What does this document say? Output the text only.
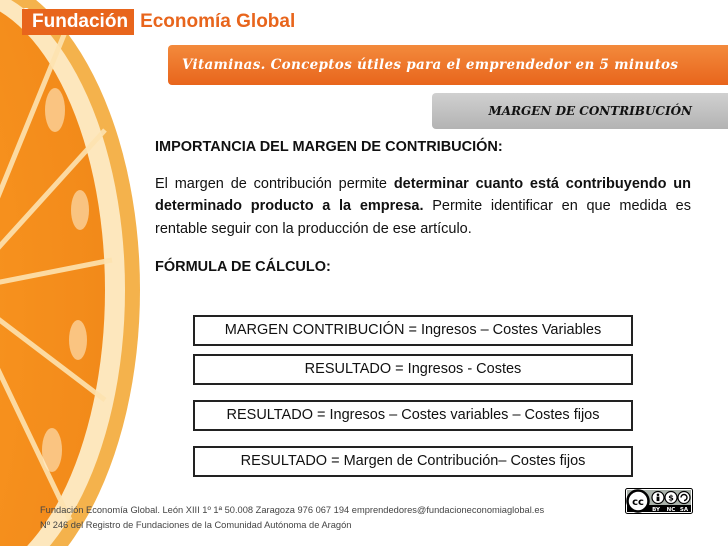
Fundación Economía Global
Vitaminas. Conceptos útiles para el emprendedor en 5 minutos
MARGEN DE CONTRIBUCIÓN
IMPORTANCIA DEL MARGEN DE CONTRIBUCIÓN:

El margen de contribución permite determinar cuanto está contribuyendo un determinado producto a la empresa. Permite identificar en que medida es rentable seguir con la producción de ese artículo.

FÓRMULA DE CÁLCULO:
MARGEN CONTRIBUCIÓN = Ingresos – Costes Variables
RESULTADO = Ingresos - Costes
RESULTADO = Ingresos – Costes variables – Costes fijos
RESULTADO = Margen de Contribución– Costes fijos
Fundación Economía Global. León XIII 1º 1ª 50.008 Zaragoza 976 067 194 emprendedores@fundacioneconomiaglobal.es
Nº 246 del Registro de Fundaciones de la Comunidad Autónoma de Aragón
cc	$
BY NC SA
